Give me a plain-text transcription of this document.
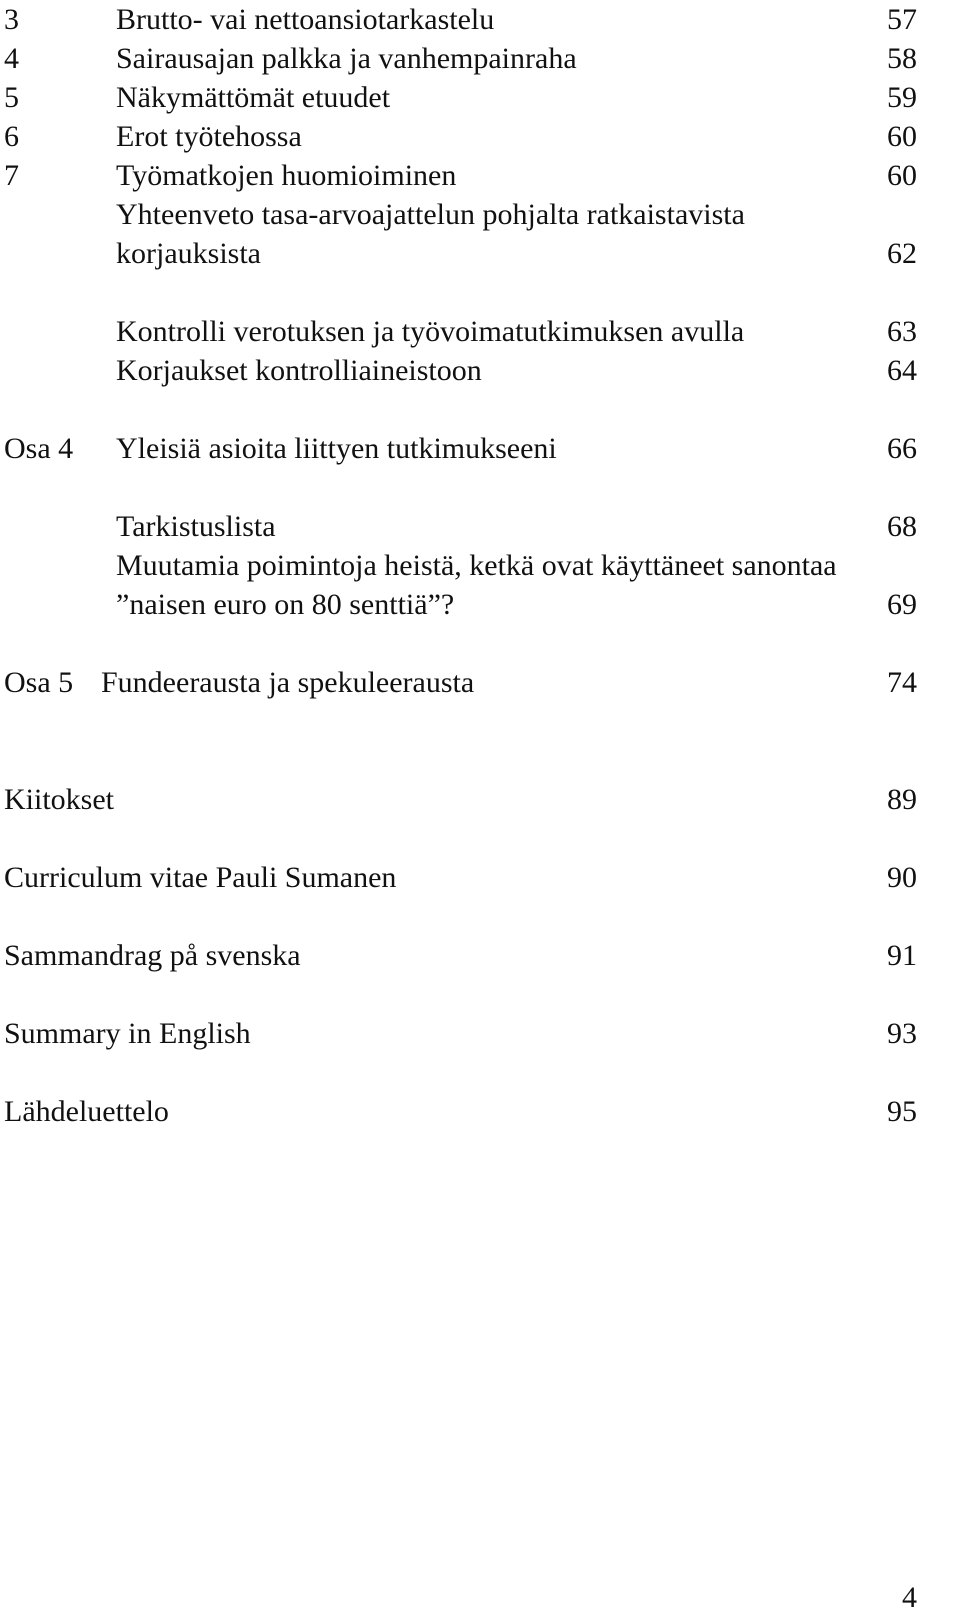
3	Brutto- vai nettoansiotarkastelu	57
4	Sairausajan palkka ja vanhempainraha	58
5	Näkymättömät etuudet	59
6	Erot työtehossa	60
7	Työmatkojen huomioiminen	60
Yhteenveto tasa-arvoajattelun pohjalta ratkaistavista
korjauksista	62
Kontrolli verotuksen ja työvoimatutkimuksen avulla	63
Korjaukset kontrolliaineistoon	64
Osa 4 Yleisiä asioita liittyen tutkimukseeni	66
Tarkistuslista	68
Muutamia poimintoja heistä, ketkä ovat käyttäneet sanontaa
”naisen euro on 80 senttiä”?	69
Osa 5 Fundeerausta ja spekuleerausta	74
Kiitokset	89
Curriculum vitae Pauli Sumanen	90
Sammandrag på svenska	91
Summary in English	93
Lähdeluettelo	95
4
